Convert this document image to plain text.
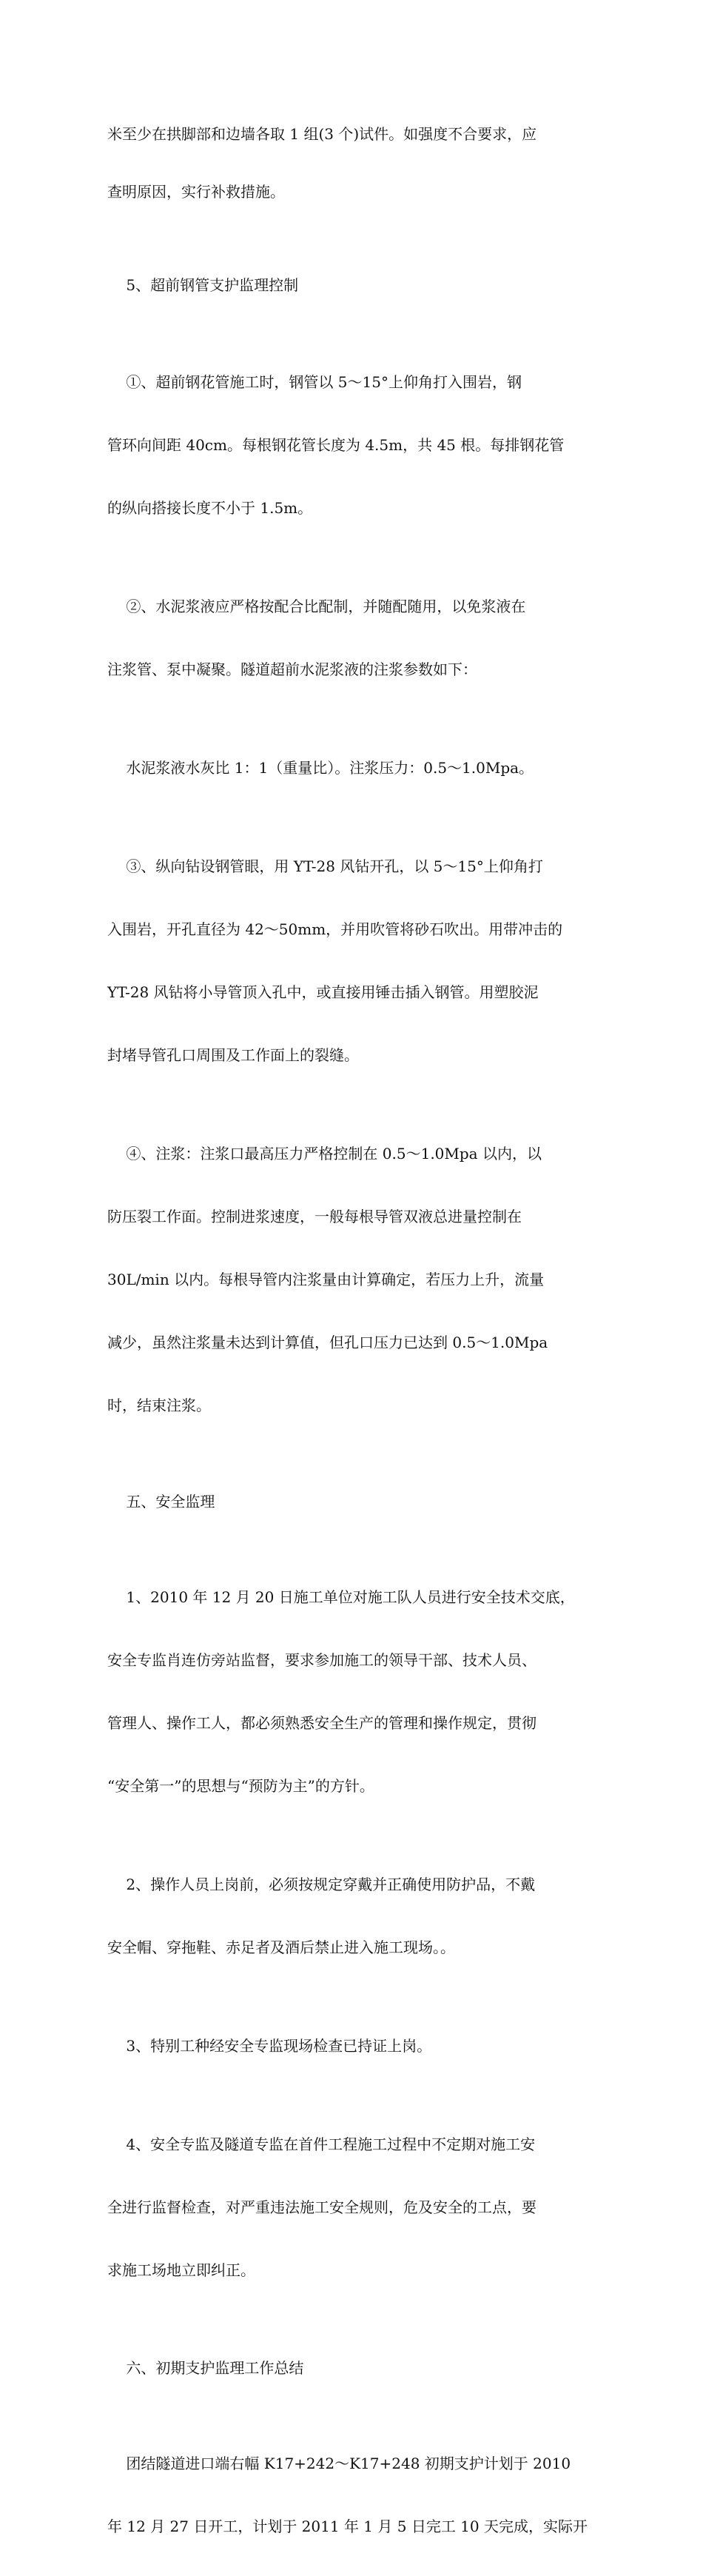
米至少在拱脚部和边墙各取 1 组(3 个)试件。如强度不合要求，应

查明原因，实行补救措施。

5、超前钢管支护监理控制

①、超前钢花管施工时，钢管以 5～15°上仰角打入围岩，钢

管环向间距 40cm。每根钢花管长度为 4.5m，共 45 根。每排钢花管

的纵向搭接长度不小于 1.5m。

②、水泥浆液应严格按配合比配制，并随配随用，以免浆液在

注浆管、泵中凝聚。隧道超前水泥浆液的注浆参数如下：

水泥浆液水灰比 1：1（重量比）。注浆压力：0.5～1.0Mpa。

③、纵向钻设钢管眼，用 YT-28 风钻开孔，以 5～15°上仰角打

入围岩，开孔直径为 42～50mm，并用吹管将砂石吹出。用带冲击的

YT-28 风钻将小导管顶入孔中，或直接用锤击插入钢管。用塑胶泥

封堵导管孔口周围及工作面上的裂缝。

④、注浆：注浆口最高压力严格控制在 0.5～1.0Mpa 以内，以

防压裂工作面。控制进浆速度，一般每根导管双液总进量控制在

30L/min 以内。每根导管内注浆量由计算确定，若压力上升，流量

减少，虽然注浆量未达到计算值，但孔口压力已达到 0.5～1.0Mpa

时，结束注浆。

五、安全监理

1、2010 年 12 月 20 日施工单位对施工队人员进行安全技术交底，

安全专监肖连仿旁站监督，要求参加施工的领导干部、技术人员、

管理人、操作工人，都必须熟悉安全生产的管理和操作规定，贯彻

“安全第一”的思想与“预防为主”的方针。

2、操作人员上岗前，必须按规定穿戴并正确使用防护品，不戴

安全帽、穿拖鞋、赤足者及酒后禁止进入施工现场。。

3、特别工种经安全专监现场检查已持证上岗。

4、安全专监及隧道专监在首件工程施工过程中不定期对施工安

全进行监督检查，对严重违法施工安全规则，危及安全的工点，要

求施工场地立即纠正。

六、初期支护监理工作总结

团结隧道进口端右幅 K17+242～K17+248 初期支护计划于 2010

年 12 月 27 日开工，计划于 2011 年 1 月 5 日完工 10 天完成，实际开
